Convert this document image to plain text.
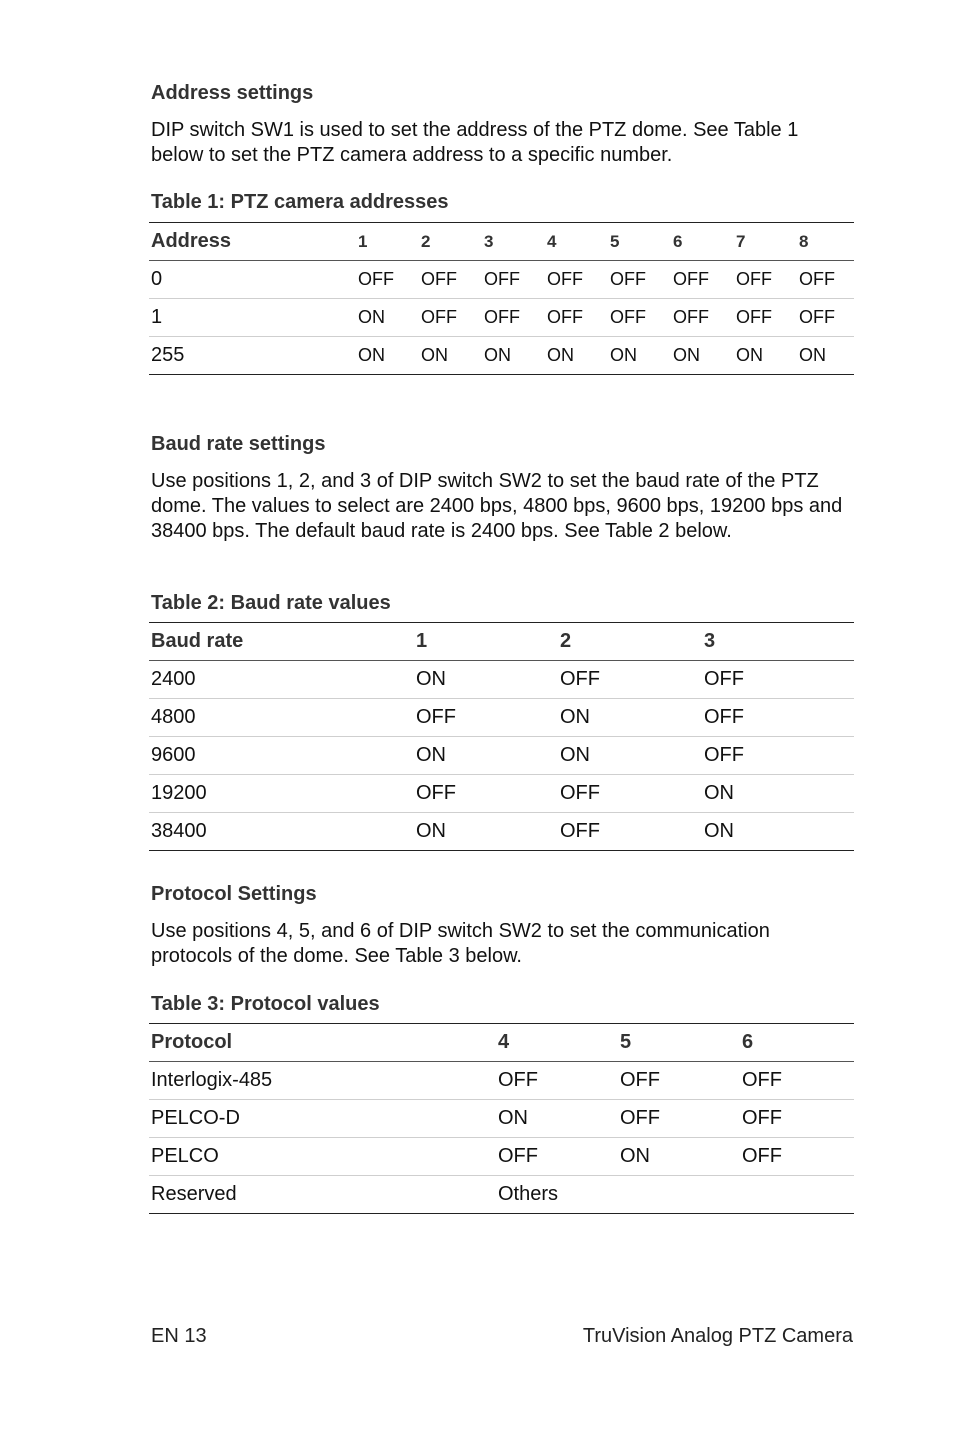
Address settings
DIP switch SW1 is used to set the address of the PTZ dome. See Table 1 below to set the PTZ camera address to a specific number.
Table 1: PTZ camera addresses
Address	1	2	3	4	5	6	7	8
0	OFF	OFF	OFF	OFF	OFF	OFF	OFF	OFF
1	ON	OFF	OFF	OFF	OFF	OFF	OFF	OFF
255	ON	ON	ON	ON	ON	ON	ON	ON
Baud rate settings
Use positions 1, 2, and 3 of DIP switch SW2 to set the baud rate of the PTZ dome. The values to select are 2400 bps, 4800 bps, 9600 bps, 19200 bps and 38400 bps. The default baud rate is 2400 bps. See Table 2 below.
Table 2: Baud rate values
Baud rate	1	2	3
2400	ON	OFF	OFF
4800	OFF	ON	OFF
9600	ON	ON	OFF
19200	OFF	OFF	ON
38400	ON	OFF	ON
Protocol Settings
Use positions 4, 5, and 6 of DIP switch SW2 to set the communication protocols of the dome. See Table 3 below.
Table 3: Protocol values
Protocol	4	5	6
Interlogix-485	OFF	OFF	OFF
PELCO-D	ON	OFF	OFF
PELCO	OFF	ON	OFF
Reserved	Others		
EN 13	TruVision Analog PTZ Camera
